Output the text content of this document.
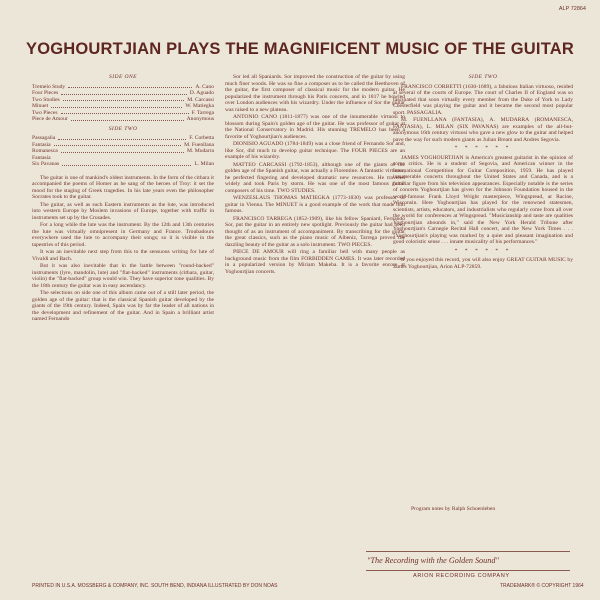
ALP 72864
YOGHOURTJIAN PLAYS THE MAGNIFICENT MUSIC OF THE GUITAR
SIDE ONE
Tremelo Study	A. Cano
Four Pieces	D. Aguado
Two Studies	M. Carcassi
Minuet	W. Matiegka
Two Pieces	F. Tarrega
Piece de Amour	Anonymous
SIDE TWO
Passagalia	F. Corbetta
Fantasia	M. Fuenllana
Romanesca	M. Mudarra
Fantasia
Six Pavanas	L. Milan

The guitar is one of mankind's oldest instruments. In the form of the cithara it accompanied the poems of Homer as he sang of the heroes of Troy: it set the mood for the staging of Greek tragedies. In his late years even the philosopher Socrates took to the guitar.

The guitar, as well as such Eastern instruments as the lute, was introduced into western Europe by Moslem invasions of Europe, together with traffic in instruments set up by the Crusades.

For a long while the lute was the instrument. By the 12th and 13th centuries the lute was virtually omnipresent in Germany and France. Troubadours everywhere used the lute to accompany their songs; so it is visible in the tapestries of this period.

It was an inevitable next step from this to the sensuous writing for lute of Vivaldi and Bach.

But it was also inevitable that in the battle between "round-backed" instruments (lyre, mandolin, lute) and "flat-backed" instruments (cithara, guitar, violin) the "flat-backed" group would win. They have superior tone qualities. By the 18th century the guitar was in easy ascendancy.

The selections on side one of this album came out of a still later period, the golden age of the guitar: that is the classical Spanish guitar developed by the giants of the 19th century. Indeed, Spain was by far the leader of all nations in the development and refinement of the guitar. And in Spain a brilliant artist named Fernando

Sor led all Spaniards. Sor improved the construction of the guitar by using much finer woods. He was so fine a composer as to be called the Beethoven of the guitar, the first composer of classical music for the modern guitar. He popularized the instrument through his Paris concerts, and in 1817 he bowled over London audiences with his wizardry. Under the influence of Sor the guitar was raised to a new plateau.

ANTONIO CANO (1811-1877) was one of the innumerable virtuosi to blossom during Spain's golden age of the guitar. He was professor of guitar at the National Conservatory in Madrid. His stunning TREMELO has been a favorite of Yoghourtjian's audiences.

DIONISIO AGUADO (1784-1849) was a close friend of Fernando Sor and, like Sor, did much to develop guitar technique. The FOUR PIECES are an example of his wizardry.

MATTEO CARCASSI (1792-1853), although one of the giants of the golden age of the Spanish guitar, was actually a Florentine. A fantastic virtuoso, he perfected fingering and developed dramatic new resources. He traveled widely and took Paris by storm. He was one of the most famous guitar composers of his time. TWO STUDIES.

WENZESLAUS THOMAS MATIEGKA (1773-1830) was professor of guitar in Vienna. The MINUET is a good example of the work that made him famous.

FRANCISCO TARREGA (1852-1909), like his fellow Spaniard, Fernando Sor, put the guitar in an entirely new spotlight. Previously the guitar had been thought of as an instrument of accompaniment. By transcribing for the guitar the great classics, such as the piano music of Albeniz, Tarrega proved the dazzling beauty of the guitar as a solo instrument. TWO PIECES.

PIECE DE AMOUR will ring a familiar bell with many people as background music from the film FORBIDDEN GAMES. It was later recorded in a popularized version by Miriam Makeba. It is a favorite encore at Yoghourtjian concerts.

SIDE TWO

FRANCISCO CORBETTI (1630-1689), a fabulous Italian virtuoso, resided at several of the courts of Europe. The court of Charles II of England was so fascinated that soon virtually every member from the Duke of York to Lady Chesterfield was playing the guitar and it became the second most popular sport. PASSAGALIA.

M. FUENLLANA (FANTASIA), A. MUDARRA (ROMANESCA, FANTASIA), L. MILAN (SIX PAVANAS) are examples of the all-but-anonymous 16th century virtuosi who gave a new glow to the guitar and helped pave the way for such modern giants as Julian Bream and Andres Segovia.

* * * * * *

JAMES YOGHOURTJIAN is America's greatest guitarist in the opinion of some critics. He is a student of Segovia, and American winner in the International Competition for Guitar Composition, 1959. He has played innumerable concerts throughout the United States and Canada, and is a familiar figure from his television appearances. Especially notable is the series of concerts Yoghourtjian has given for the Johnson Foundation housed in the world-famous Frank Lloyd Wright masterpiece, Wingspread, at Racine, Wisconsin. Here Yoghourtjian has played for the renowned statesmen, scientists, artists, educators, and industrialists who regularly come from all over the world for conferences at Wingspread. "Musicianship and taste are qualities Yoghourtjian abounds in," said the New York Herald Tribune after Yoghourtjian's Carnegie Recital Hall concert, and the New York Times . . . "Yoghourtjian's playing was marked by a quiet and pleasant imagination and good coloristic sense . . . innate musicality of his performances."

* * * * * *

If you enjoyed this record, you will also enjoy GREAT GUITAR MUSIC by James Yoghourtjian, Arion ALP-72859.

Program notes by Ralph Schoenleben
"The Recording with the Golden Sound"
ARION RECORDING COMPANY
PRINTED IN U.S.A. MOSSBERG & COMPANY, INC. SOUTH BEND, INDIANA ILLUSTRATED BY DON NOAS	TRADEMARK® © COPYRIGHT 1964
